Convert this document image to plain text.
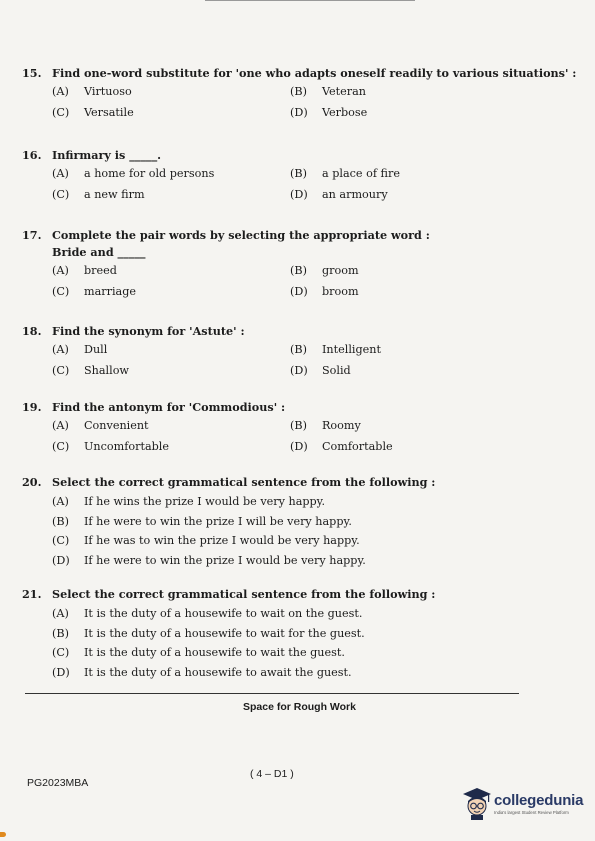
15. Find one-word substitute for 'one who adapts oneself readily to various situations' :
(A)	Virtuoso	(B)	Veteran
(C)	Versatile	(D)	Verbose
16. Infirmary is _____.
(A)	a home for old persons	(B)	a place of fire
(C)	a new firm	(D)	an armoury
17. Complete the pair words by selecting the appropriate word :
Bride and _____
(A)	breed	(B)	groom
(C)	marriage	(D)	broom
18. Find the synonym for 'Astute' :
(A)	Dull	(B)	Intelligent
(C)	Shallow	(D)	Solid
19. Find the antonym for 'Commodious' :
(A)	Convenient	(B)	Roomy
(C)	Uncomfortable	(D)	Comfortable
20. Select the correct grammatical sentence from the following :
(A)	If he wins the prize I would be very happy.
(B)	If he were to win the prize I will be very happy.
(C)	If he was to win the prize I would be very happy.
(D)	If he were to win the prize I would be very happy.
21. Select the correct grammatical sentence from the following :
(A)	It is the duty of a housewife to wait on the guest.
(B)	It is the duty of a housewife to wait for the guest.
(C)	It is the duty of a housewife to wait the guest.
(D)	It is the duty of a housewife to await the guest.
Space for Rough Work
PG2023MBA
( 4 – D1 )
collegedunia
India's largest Student Review Platform
